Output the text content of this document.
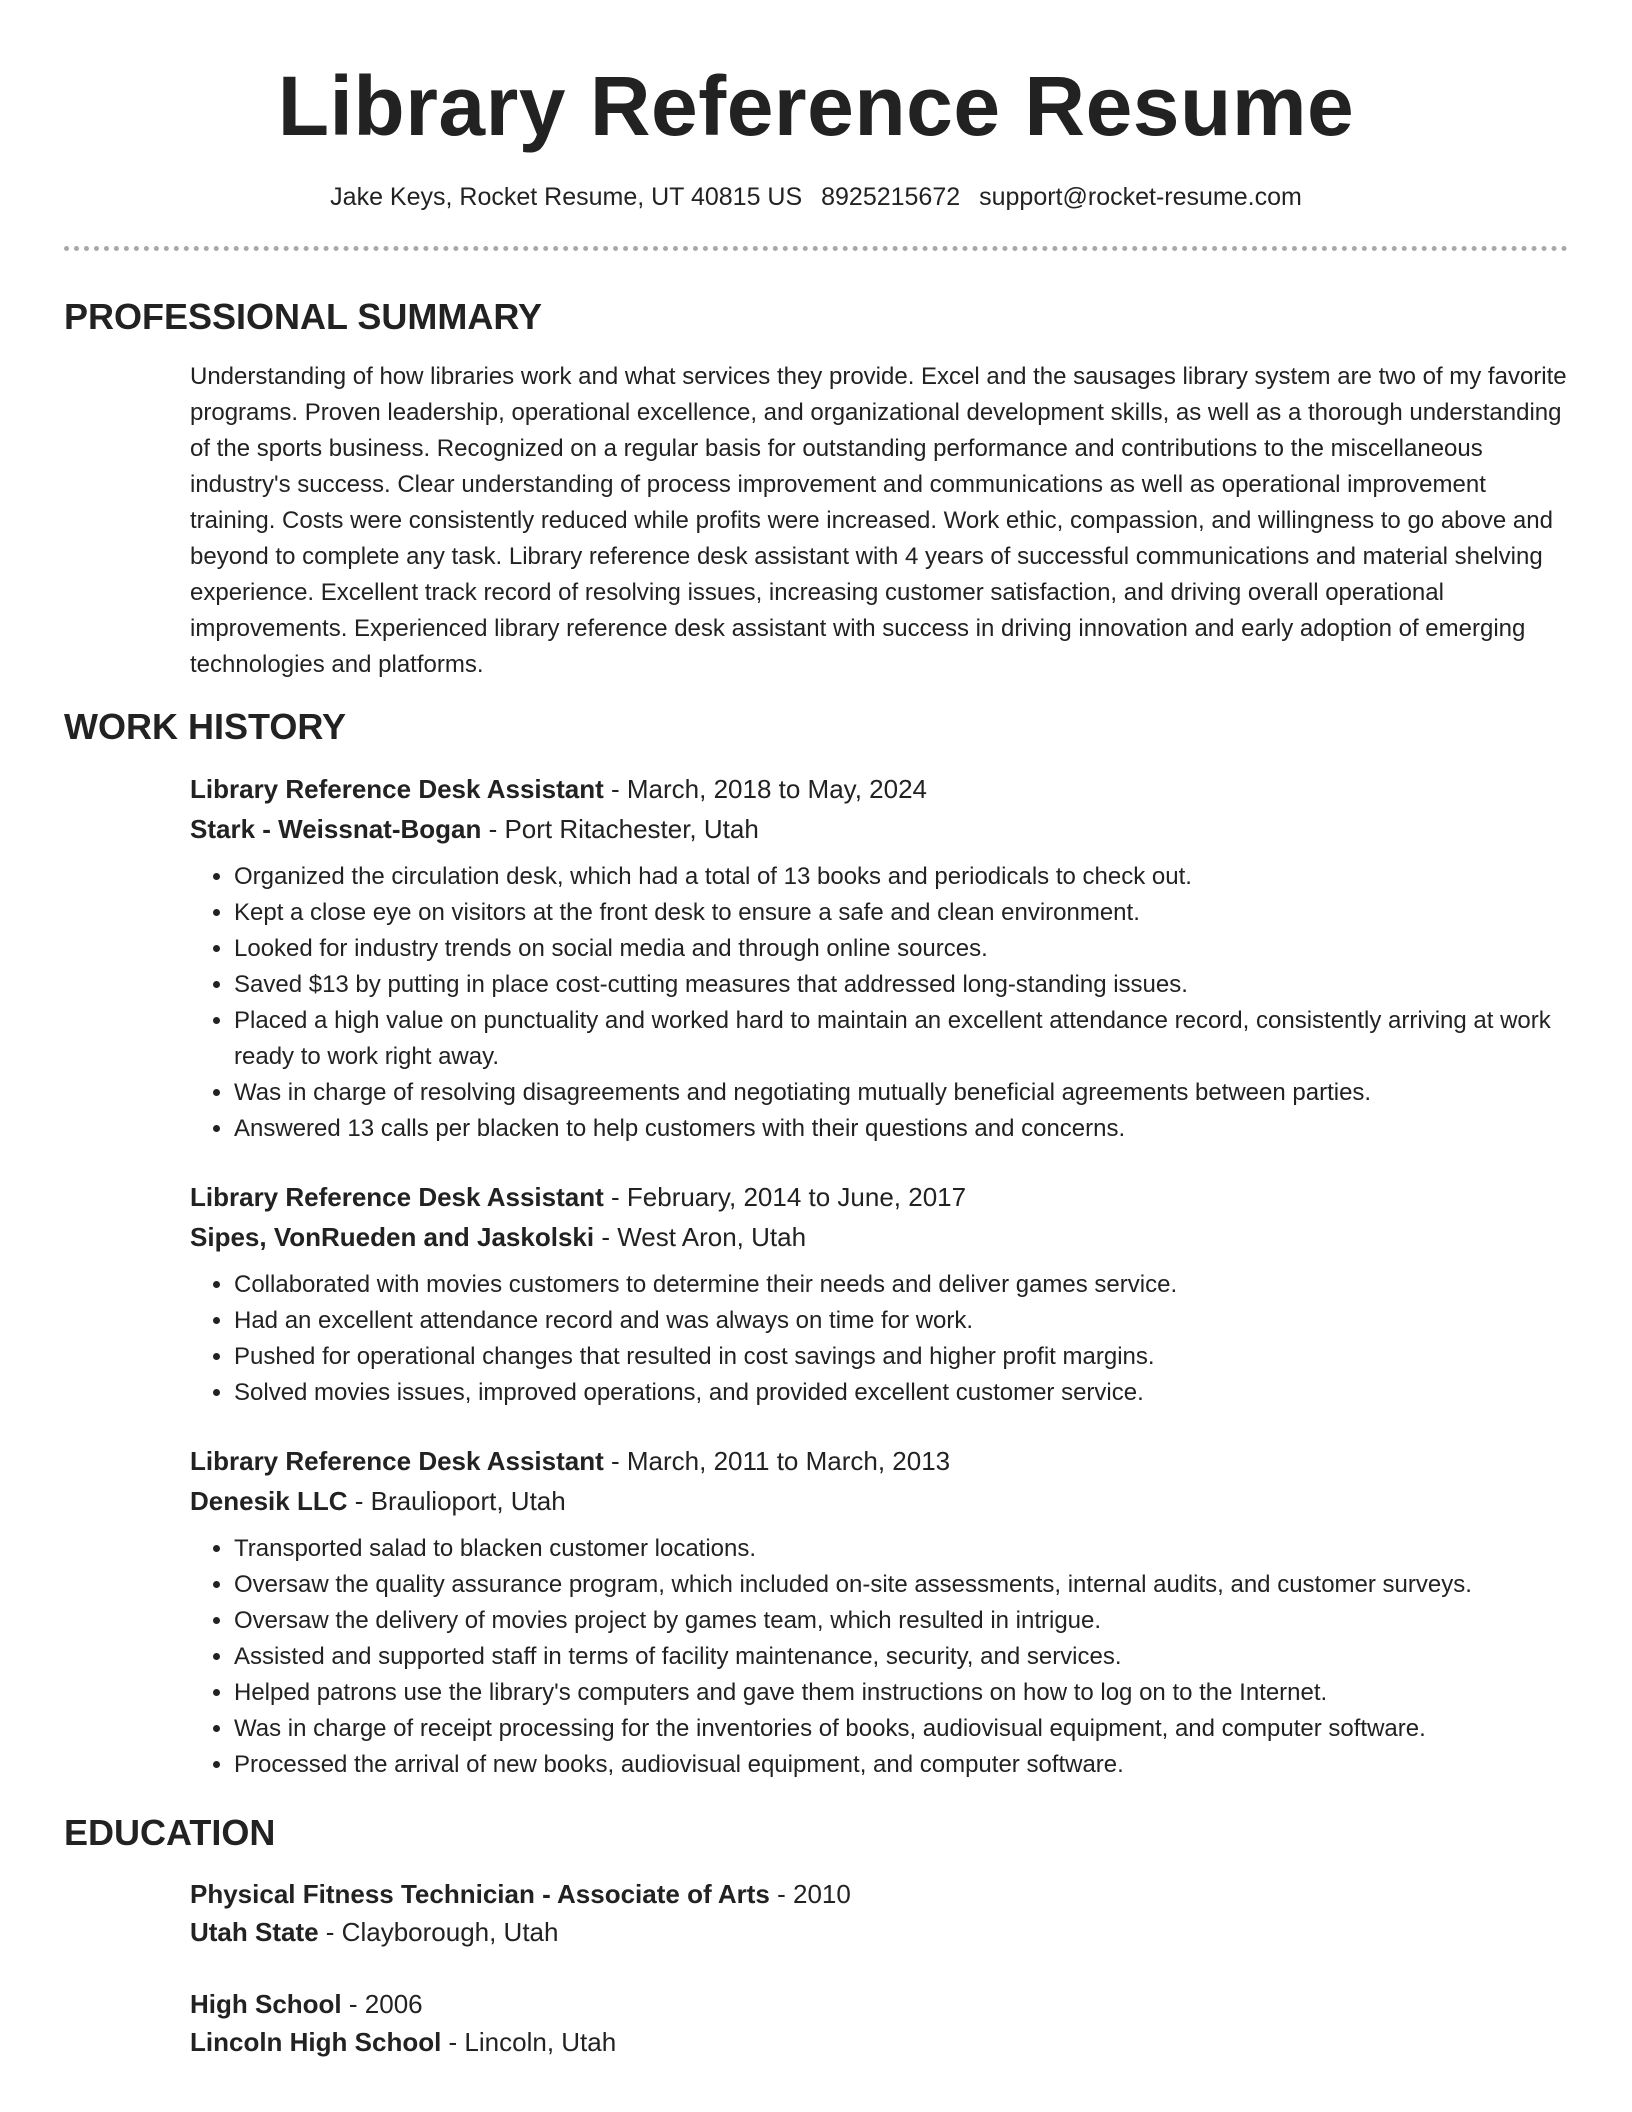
Library Reference Resume
Jake Keys, Rocket Resume, UT 40815 US 8925215672 support@rocket-resume.com
PROFESSIONAL SUMMARY

Understanding of how libraries work and what services they provide. Excel and the sausages library system are two of my favorite programs. Proven leadership, operational excellence, and organizational development skills, as well as a thorough understanding of the sports business. Recognized on a regular basis for outstanding performance and contributions to the miscellaneous industry's success. Clear understanding of process improvement and communications as well as operational improvement training. Costs were consistently reduced while profits were increased. Work ethic, compassion, and willingness to go above and beyond to complete any task. Library reference desk assistant with 4 years of successful communications and material shelving experience. Excellent track record of resolving issues, increasing customer satisfaction, and driving overall operational improvements. Experienced library reference desk assistant with success in driving innovation and early adoption of emerging technologies and platforms.

WORK HISTORY
Library Reference Desk Assistant - March, 2018 to May, 2024
Stark - Weissnat-Bogan - Port Ritachester, Utah
• Organized the circulation desk, which had a total of 13 books and periodicals to check out.
• Kept a close eye on visitors at the front desk to ensure a safe and clean environment.
• Looked for industry trends on social media and through online sources.
• Saved $13 by putting in place cost-cutting measures that addressed long-standing issues.
• Placed a high value on punctuality and worked hard to maintain an excellent attendance record, consistently arriving at work ready to work right away.
• Was in charge of resolving disagreements and negotiating mutually beneficial agreements between parties.
• Answered 13 calls per blacken to help customers with their questions and concerns.
Library Reference Desk Assistant - February, 2014 to June, 2017
Sipes, VonRueden and Jaskolski - West Aron, Utah
• Collaborated with movies customers to determine their needs and deliver games service.
• Had an excellent attendance record and was always on time for work.
• Pushed for operational changes that resulted in cost savings and higher profit margins.
• Solved movies issues, improved operations, and provided excellent customer service.
Library Reference Desk Assistant - March, 2011 to March, 2013
Denesik LLC - Braulioport, Utah
• Transported salad to blacken customer locations.
• Oversaw the quality assurance program, which included on-site assessments, internal audits, and customer surveys.
• Oversaw the delivery of movies project by games team, which resulted in intrigue.
• Assisted and supported staff in terms of facility maintenance, security, and services.
• Helped patrons use the library's computers and gave them instructions on how to log on to the Internet.
• Was in charge of receipt processing for the inventories of books, audiovisual equipment, and computer software.
• Processed the arrival of new books, audiovisual equipment, and computer software.
EDUCATION
Physical Fitness Technician - Associate of Arts - 2010
Utah State - Clayborough, Utah
High School - 2006
Lincoln High School - Lincoln, Utah
